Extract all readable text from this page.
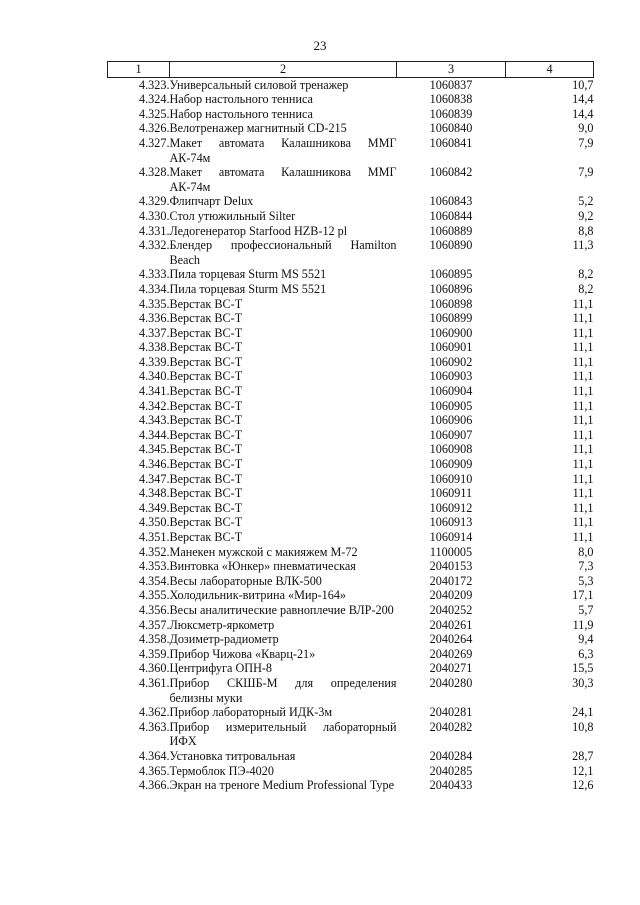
23
1	2	3	4
4.323.	Универсальный силовой тренажер	1060837	10,7
4.324.	Набор настольного тенниса	1060838	14,4
4.325.	Набор настольного тенниса	1060839	14,4
4.326.	Велотренажер магнитный CD-215	1060840	9,0
4.327.	Макет автомата Калашникова ММГ АК-74м	1060841	7,9
4.328.	Макет автомата Калашникова ММГ АК-74м	1060842	7,9
4.329.	Флипчарт Delux	1060843	5,2
4.330.	Стол утюжильный Silter	1060844	9,2
4.331.	Ледогенератор Starfood HZB-12 pl	1060889	8,8
4.332.	Блендер профессиональный Hamilton Beach	1060890	11,3
4.333.	Пила торцевая Sturm MS 5521	1060895	8,2
4.334.	Пила торцевая Sturm MS 5521	1060896	8,2
4.335.	Верстак ВС-Т	1060898	11,1
4.336.	Верстак ВС-Т	1060899	11,1
4.337.	Верстак ВС-Т	1060900	11,1
4.338.	Верстак ВС-Т	1060901	11,1
4.339.	Верстак ВС-Т	1060902	11,1
4.340.	Верстак ВС-Т	1060903	11,1
4.341.	Верстак ВС-Т	1060904	11,1
4.342.	Верстак ВС-Т	1060905	11,1
4.343.	Верстак ВС-Т	1060906	11,1
4.344.	Верстак ВС-Т	1060907	11,1
4.345.	Верстак ВС-Т	1060908	11,1
4.346.	Верстак ВС-Т	1060909	11,1
4.347.	Верстак ВС-Т	1060910	11,1
4.348.	Верстак ВС-Т	1060911	11,1
4.349.	Верстак ВС-Т	1060912	11,1
4.350.	Верстак ВС-Т	1060913	11,1
4.351.	Верстак ВС-Т	1060914	11,1
4.352.	Манекен мужской с макияжем М-72	1100005	8,0
4.353.	Винтовка «Юнкер» пневматическая	2040153	7,3
4.354.	Весы лабораторные ВЛК-500	2040172	5,3
4.355.	Холодильник-витрина «Мир-164»	2040209	17,1
4.356.	Весы аналитические равноплечие ВЛР-200	2040252	5,7
4.357.	Люксметр-яркометр	2040261	11,9
4.358.	Дозиметр-радиометр	2040264	9,4
4.359.	Прибор Чижова «Кварц-21»	2040269	6,3
4.360.	Центрифуга ОПН-8	2040271	15,5
4.361.	Прибор СКШБ-М для определения белизны муки	2040280	30,3
4.362.	Прибор лабораторный ИДК-3м	2040281	24,1
4.363.	Прибор измерительный лабораторный ИФХ	2040282	10,8
4.364.	Установка титровальная	2040284	28,7
4.365.	Термоблок ПЭ-4020	2040285	12,1
4.366.	Экран на треноге Medium Professional Type	2040433	12,6
